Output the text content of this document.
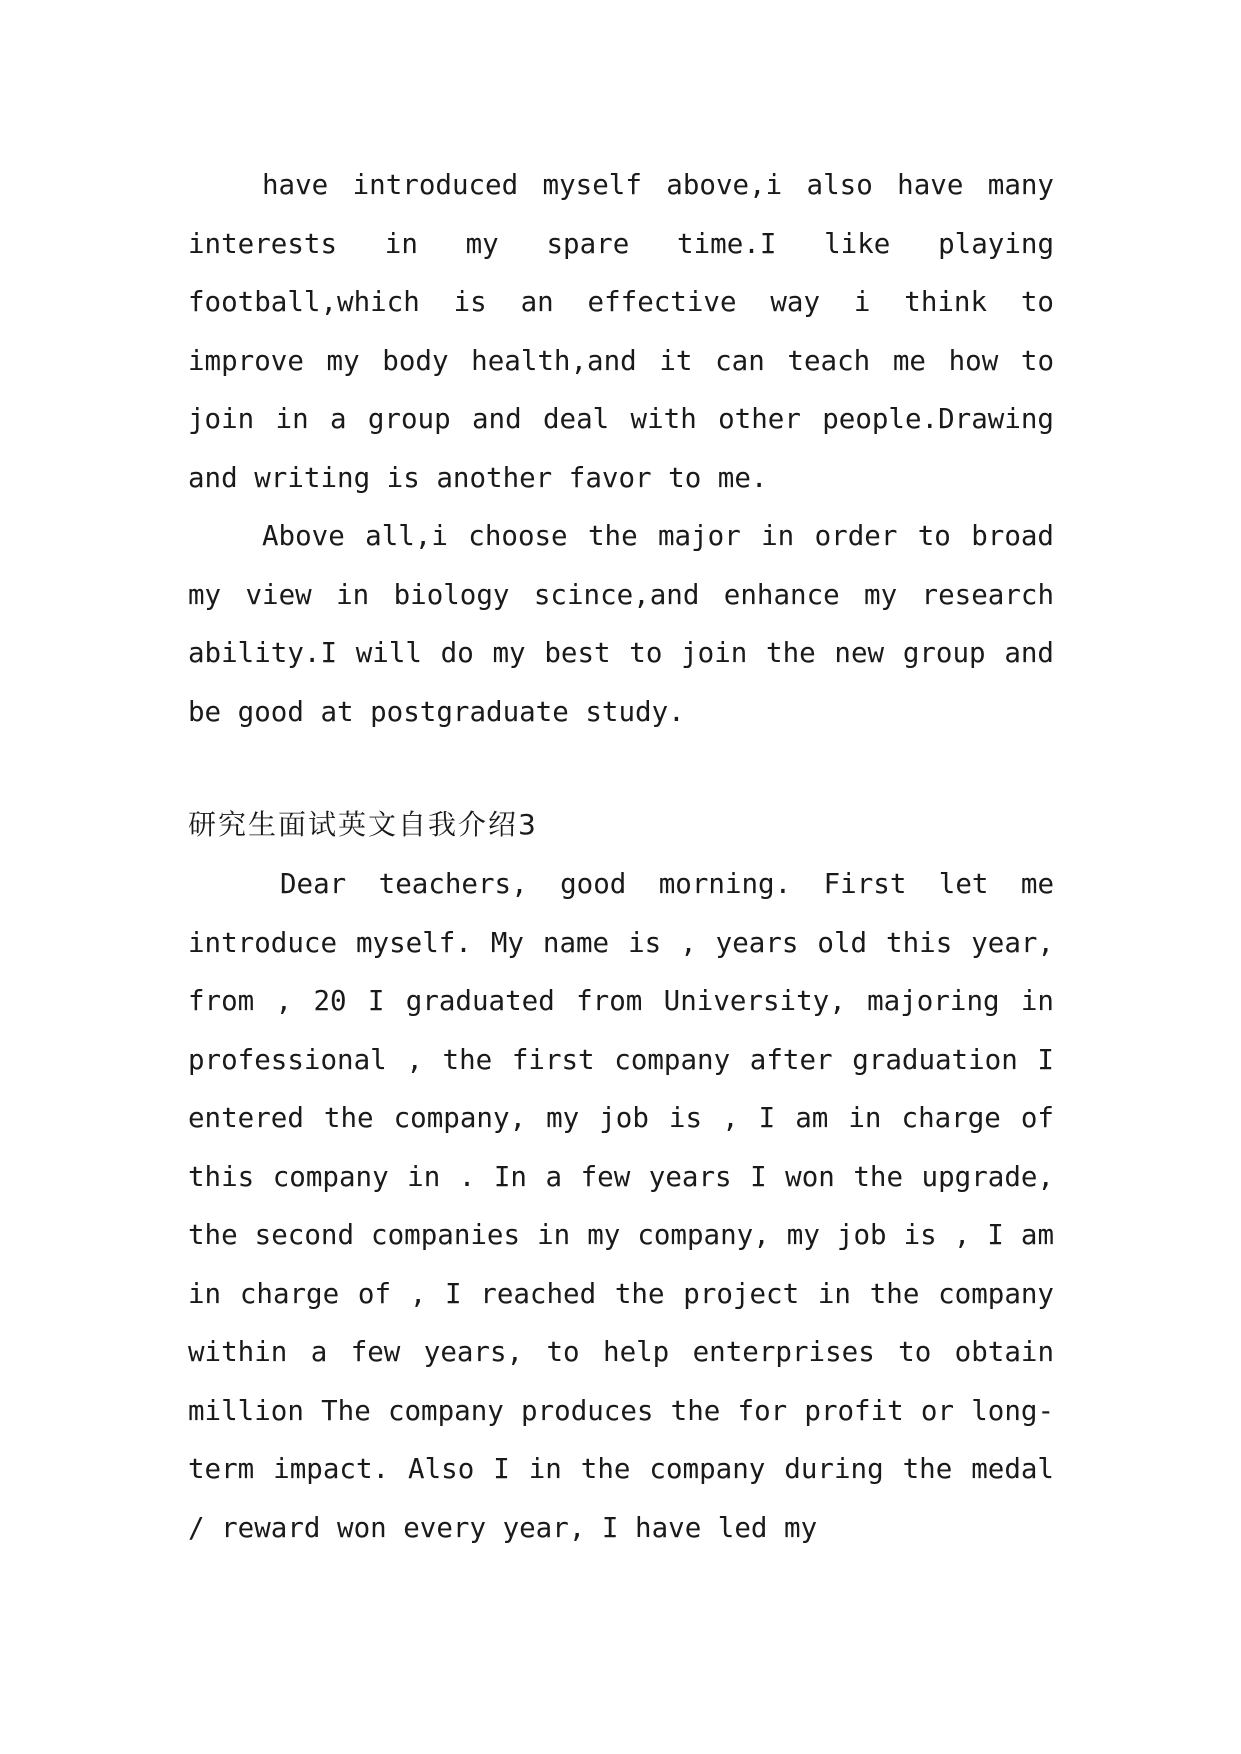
have introduced myself above,i also have many interests in my spare time.I like playing football,which is an effective way i think to improve my body health,and it can teach me how to join in a group and deal with other people.Drawing and writing is another favor to me.

Above all,i choose the major in order to broad my view in biology scince,and enhance my research ability.I will do my best to join the new group and be good at postgraduate study.

研究生面试英文自我介绍3

Dear teachers, good morning. First let me introduce myself. My name is , years old this year, from , 20 I graduated from University, majoring in professional , the first company after graduation I entered the company, my job is , I am in charge of this company in . In a few years I won the upgrade, the second companies in my company, my job is , I am in charge of , I reached the project in the company within a few years, to help enterprises to obtain million The company produces the for profit or long-term impact. Also I in the company during the medal / reward won every year, I have led my
